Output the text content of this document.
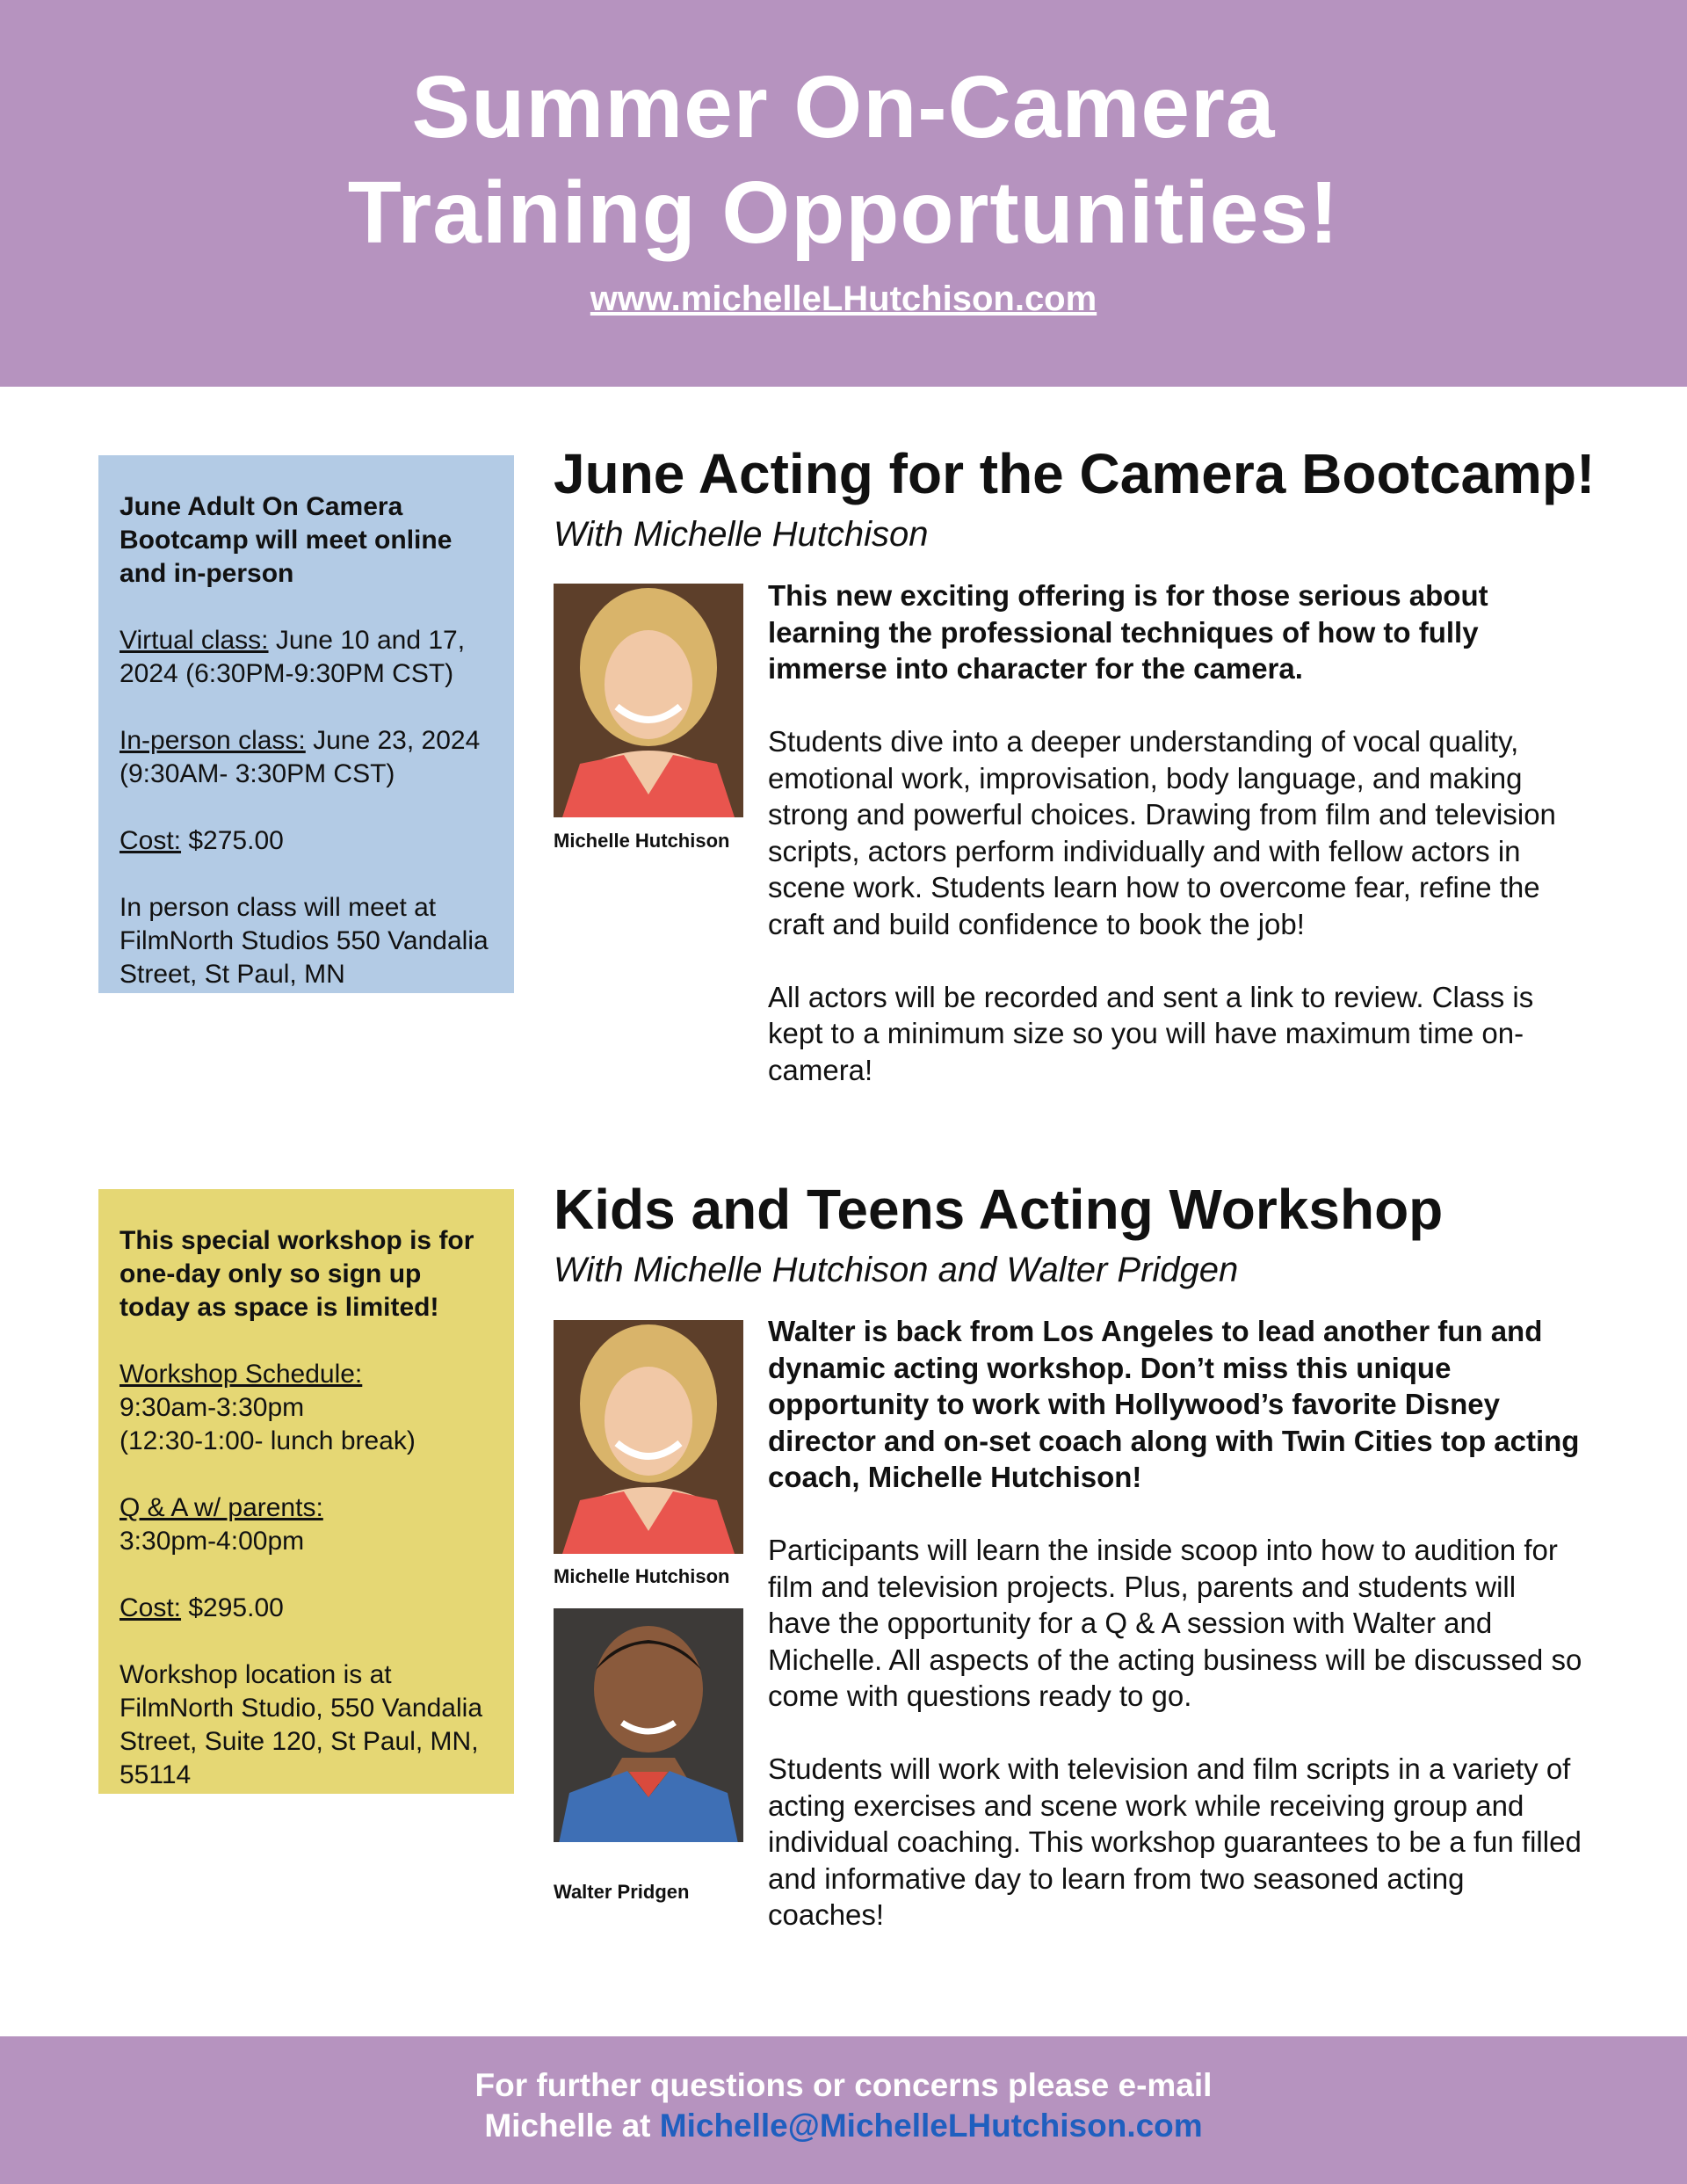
Summer On-Camera
Training Opportunities!
www.michelleLHutchison.com
June Adult On Camera Bootcamp will meet online and in-person

Virtual class: June 10 and 17, 2024 (6:30PM-9:30PM CST)

In-person class: June 23, 2024 (9:30AM- 3:30PM CST)

Cost: $275.00

In person class will meet at FilmNorth Studios 550 Vandalia Street, St Paul, MN

June Acting for the Camera Bootcamp!
With Michelle Hutchison
Michelle Hutchison

This new exciting offering is for those serious about learning the professional techniques of how to fully immerse into character for the camera.

Students dive into a deeper understanding of vocal quality, emotional work, improvisation, body language, and making strong and powerful choices. Drawing from film and television scripts, actors perform individually and with fellow actors in scene work. Students learn how to overcome fear, refine the craft and build confidence to book the job!

All actors will be recorded and sent a link to review. Class is kept to a minimum size so you will have maximum time on-camera!

This special workshop is for one-day only so sign up today as space is limited!

Workshop Schedule:
9:30am-3:30pm
(12:30-1:00- lunch break)

Q & A w/ parents:
3:30pm-4:00pm

Cost: $295.00

Workshop location is at FilmNorth Studio, 550 Vandalia Street, Suite 120, St Paul, MN, 55114

Kids and Teens Acting Workshop
With Michelle Hutchison and Walter Pridgen
Michelle Hutchison
Walter Pridgen

Walter is back from Los Angeles to lead another fun and dynamic acting workshop. Don’t miss this unique opportunity to work with Hollywood’s favorite Disney director and on-set coach along with Twin Cities top acting coach, Michelle Hutchison!

Participants will learn the inside scoop into how to audition for film and television projects. Plus, parents and students will have the opportunity for a Q & A session with Walter and Michelle. All aspects of the acting business will be discussed so come with questions ready to go.

Students will work with television and film scripts in a variety of acting exercises and scene work while receiving group and individual coaching. This workshop guarantees to be a fun filled and informative day to learn from two seasoned acting coaches!

For further questions or concerns please e-mail
Michelle at Michelle@MichelleLHutchison.com
